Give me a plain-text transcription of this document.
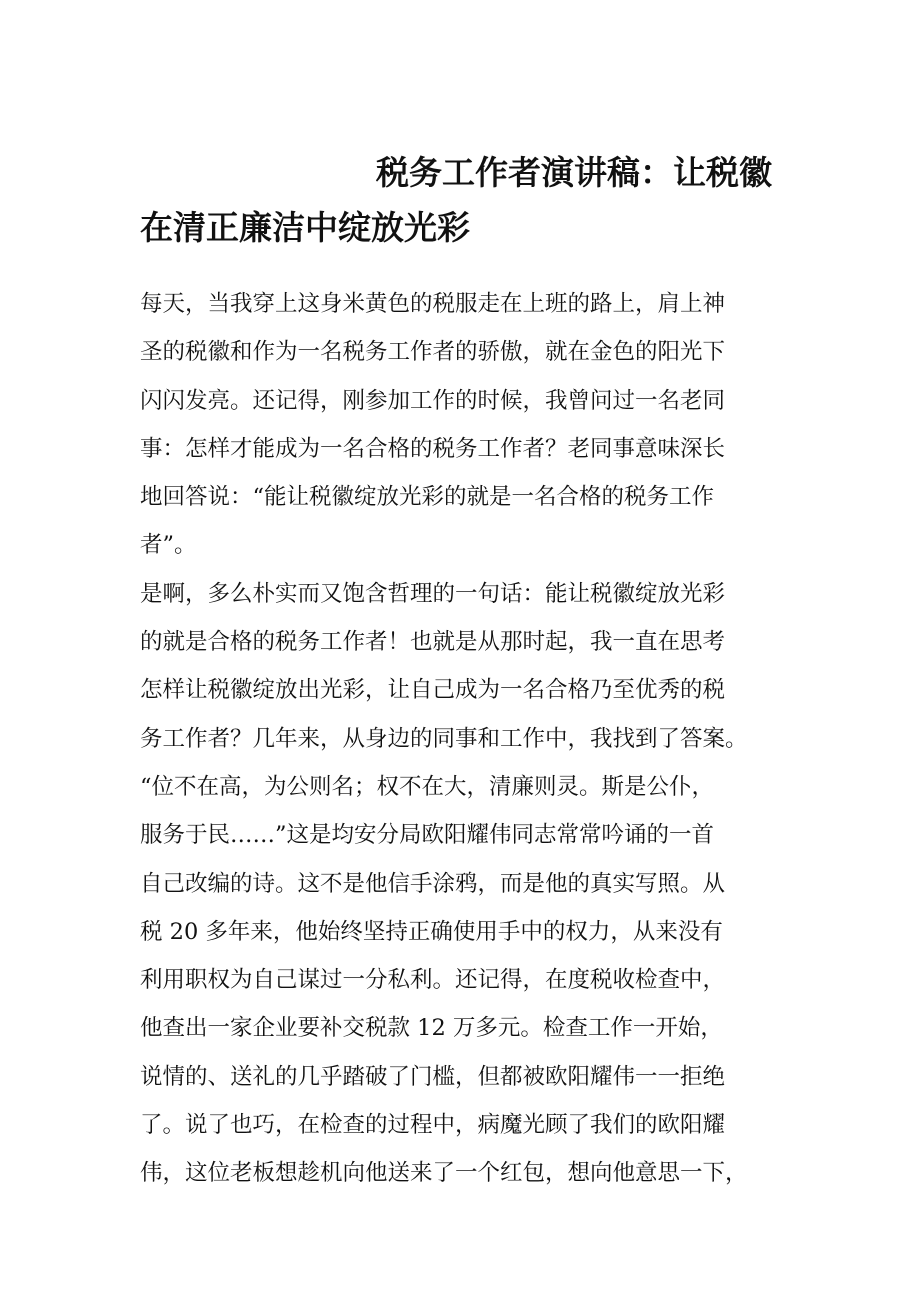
税务工作者演讲稿：让税徽
在清正廉洁中绽放光彩
每天，当我穿上这身米黄色的税服走在上班的路上，肩上神
圣的税徽和作为一名税务工作者的骄傲，就在金色的阳光下
闪闪发亮。还记得，刚参加工作的时候，我曾问过一名老同
事：怎样才能成为一名合格的税务工作者？老同事意味深长
地回答说：“能让税徽绽放光彩的就是一名合格的税务工作
者”。
是啊，多么朴实而又饱含哲理的一句话：能让税徽绽放光彩
的就是合格的税务工作者！也就是从那时起，我一直在思考
怎样让税徽绽放出光彩，让自己成为一名合格乃至优秀的税
务工作者？几年来，从身边的同事和工作中，我找到了答案。
“位不在高，为公则名；权不在大，清廉则灵。斯是公仆，
服务于民……”这是均安分局欧阳耀伟同志常常吟诵的一首
自己改编的诗。这不是他信手涂鸦，而是他的真实写照。从
税 20 多年来，他始终坚持正确使用手中的权力，从来没有
利用职权为自己谋过一分私利。还记得，在度税收检查中，
他查出一家企业要补交税款 12 万多元。检查工作一开始，
说情的、送礼的几乎踏破了门槛，但都被欧阳耀伟一一拒绝
了。说了也巧，在检查的过程中，病魔光顾了我们的欧阳耀
伟，这位老板想趁机向他送来了一个红包，想向他意思一下，
